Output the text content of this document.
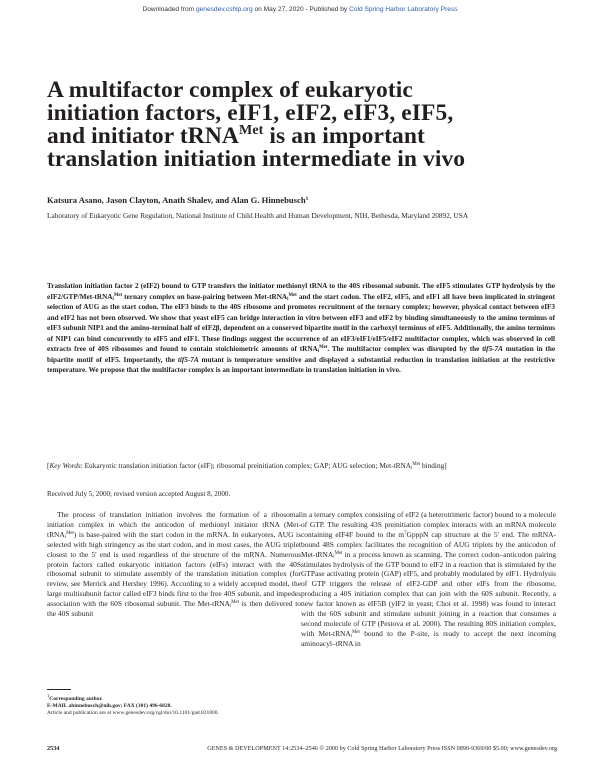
Downloaded from genesdev.cshlp.org on May 27, 2020 - Published by Cold Spring Harbor Laboratory Press
A multifactor complex of eukaryotic
initiation factors, eIF1, eIF2, eIF3, eIF5,
and initiator tRNA$^{Met}$ is an important
translation initiation intermediate in vivo
Katsura Asano, Jason Clayton, Anath Shalev, and Alan G. Hinnebusch$^1$
Laboratory of Eukaryotic Gene Regulation, National Institute of Child Health and Human Development, NIH, Bethesda, Maryland 20892, USA
Translation initiation factor 2 (eIF2) bound to GTP transfers the initiator methionyl tRNA to the 40S ribosomal subunit. The eIF5 stimulates GTP hydrolysis by the eIF2/GTP/Met-tRNA$_i^{Met}$ ternary complex on base-pairing between Met-tRNA$_i^{Met}$ and the start codon. The eIF2, eIF5, and eIF1 all have been implicated in stringent selection of AUG as the start codon. The eIF3 binds to the 40S ribosome and promotes recruitment of the ternary complex; however, physical contact between eIF3 and eIF2 has not been observed. We show that yeast eIF5 can bridge interaction in vitro between eIF3 and eIF2 by binding simultaneously to the amino terminus of eIF3 subunit NIP1 and the amino-terminal half of eIF2β, dependent on a conserved bipartite motif in the carboxyl terminus of eIF5. Additionally, the amino terminus of NIP1 can bind concurrently to eIF5 and eIF1. These findings suggest the occurrence of an eIF3/eIF1/eIF5/eIF2 multifactor complex, which was observed in cell extracts free of 40S ribosomes and found to contain stoichiometric amounts of tRNA$_i^{Met}$. The multifactor complex was disrupted by the tif5-7A mutation in the bipartite motif of eIF5. Importantly, the tif5-7A mutant is temperature sensitive and displayed a substantial reduction in translation initiation at the restrictive temperature. We propose that the multifactor complex is an important intermediate in translation initiation in vivo.
[Key Words: Eukaryotic translation initiation factor (eIF); ribosomal preinitiation complex; GAP; AUG selection; Met-tRNA$_i^{Met}$ binding]
Received July 5, 2000; revised version accepted August 8, 2000.

The process of translation initiation involves the formation of a ribosomal initiation complex in which the anticodon of methionyl initiator tRNA (Met-tRNA$_i^{Met}$) is base-paired with the start codon in the mRNA. In eukaryotes, AUG is selected with high stringency as the start codon, and in most cases, the AUG triplet closest to the 5′ end is used regardless of the structure of the mRNA. Numerous protein factors called eukaryotic initiation factors (eIFs) interact with the 40S ribosomal subunit to stimulate assembly of the translation initiation complex (for review, see Merrick and Hershey 1996). According to a widely accepted model, the large multisubunit factor called eIF3 binds first to the free 40S subunit, and impedes association with the 60S ribosomal subunit. The Met-tRNA$_i^{Met}$ is then delivered to the 40S subunit

in a ternary complex consisting of eIF2 (a heterotrimeric factor) bound to a molecule of GTP. The resulting 43S preinitiation complex interacts with an mRNA molecule containing eIF4F bound to the $m^7GpppN$ cap structure at the 5′ end. The mRNA-bound 48S complex facilitates the recognition of AUG triplets by the anticodon of Met-tRNA$_i^{Met}$ in a process known as scanning. The correct codon–anticodon pairing stimulates hydrolysis of the GTP bound to eIF2 in a reaction that is stimulated by the GTPase activating protein (GAP) eIF5, and probably modulated by eIF1. Hydrolysis of GTP triggers the release of eIF2-GDP and other eIFs from the ribosome, producing a 40S initiation complex that can join with the 60S subunit. Recently, a new factor known as eIF5B (yIF2 in yeast; Choi et al. 1998) was found to interact with the 60S subunit and stimulate subunit joining in a reaction that consumes a second molecule of GTP (Pestova et al. 2000). The resulting 80S initiation complex, with Met-tRNA$_i^{Met}$ bound to the P-site, is ready to accept the next incoming aminoacyl–tRNA in

$^1$Corresponding author.
E-MAIL ahinnebusch@nih.gov; FAX (301) 496-6828.
Article and publication are at www.genesdev.org/cgi/doi/10.1101/gad.831800.
2534	GENES & DEVELOPMENT 14:2534–2546 © 2000 by Cold Spring Harbor Laboratory Press ISSN 0890-9369/00 $5.00; www.genesdev.org
